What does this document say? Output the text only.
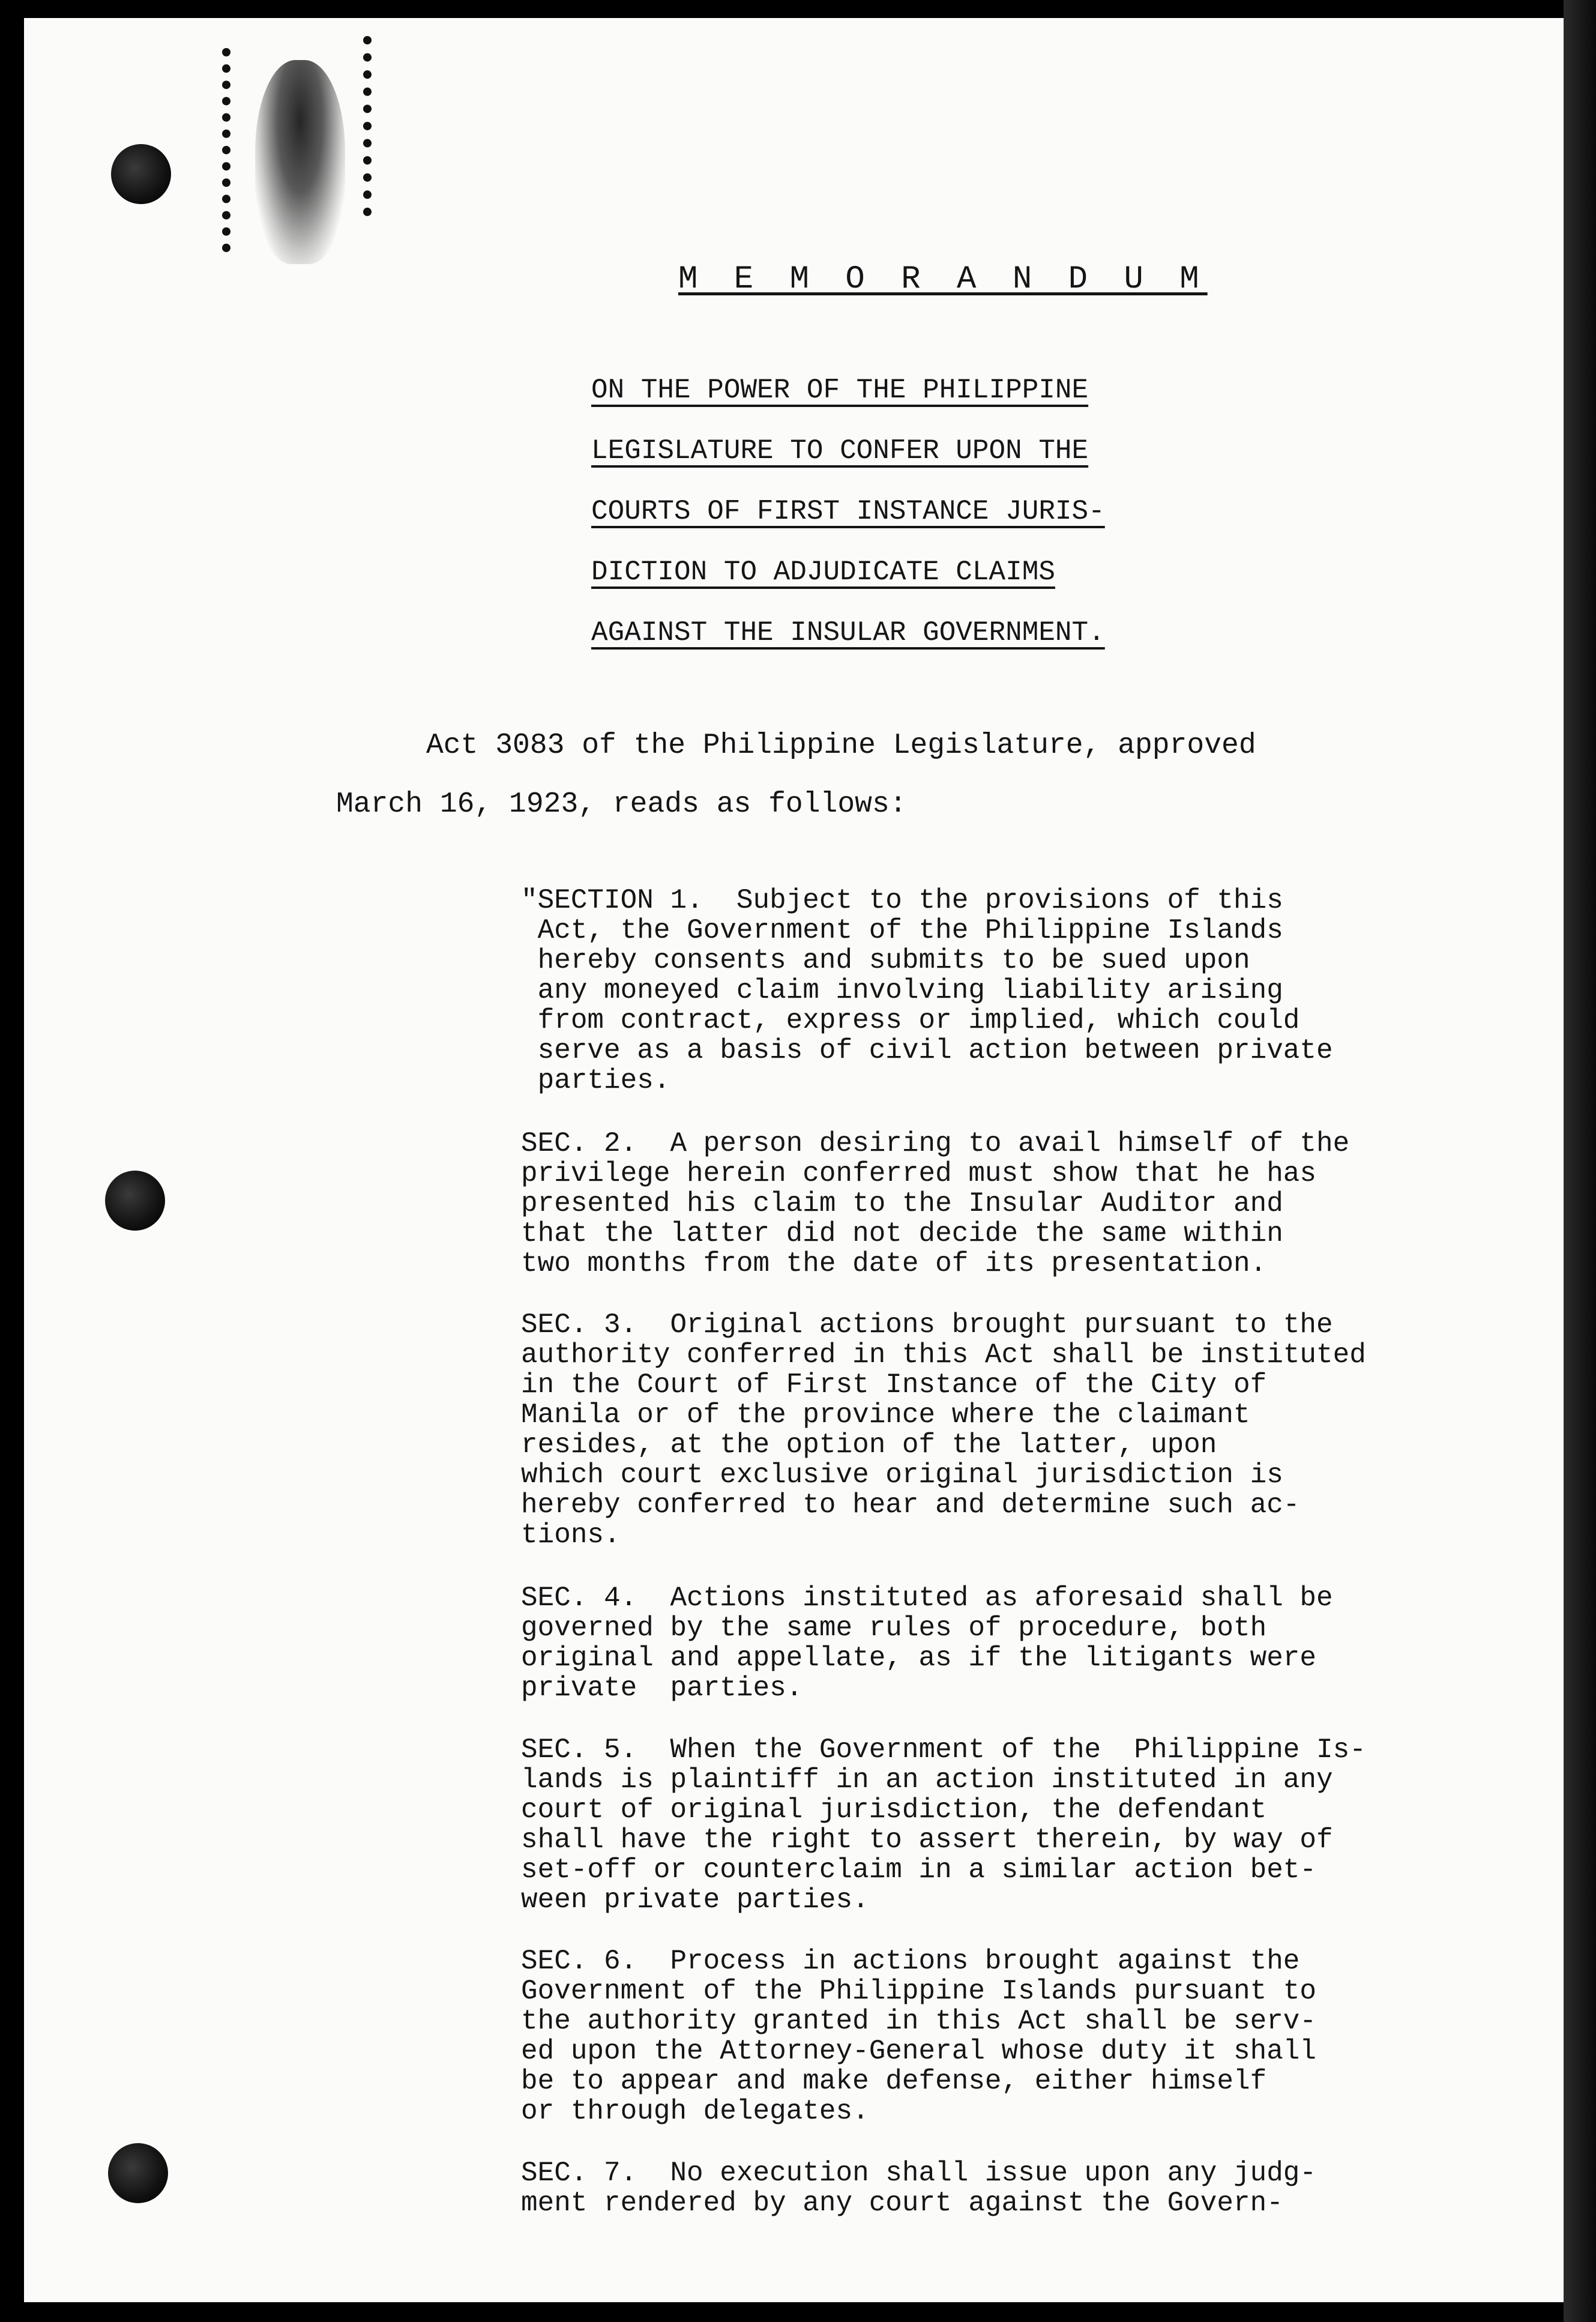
M E M O R A N D U M
ON THE POWER OF THE PHILIPPINE
LEGISLATURE TO CONFER UPON THE
COURTS OF FIRST INSTANCE JURIS-
DICTION TO ADJUDICATE CLAIMS
AGAINST THE INSULAR GOVERNMENT.
Act 3083 of the Philippine Legislature, approved
March 16, 1923, reads as follows:
"SECTION 1.  Subject to the provisions of this
Act, the Government of the Philippine Islands
hereby consents and submits to be sued upon
any moneyed claim involving liability arising
from contract, express or implied, which could
serve as a basis of civil action between private
parties.
SEC. 2.  A person desiring to avail himself of the
privilege herein conferred must show that he has
presented his claim to the Insular Auditor and
that the latter did not decide the same within
two months from the date of its presentation.
SEC. 3.  Original actions brought pursuant to the
authority conferred in this Act shall be instituted
in the Court of First Instance of the City of
Manila or of the province where the claimant
resides, at the option of the latter, upon
which court exclusive original jurisdiction is
hereby conferred to hear and determine such ac-
tions.
SEC. 4.  Actions instituted as aforesaid shall be
governed by the same rules of procedure, both
original and appellate, as if the litigants were
private  parties.
SEC. 5.  When the Government of the  Philippine Is-
lands is plaintiff in an action instituted in any
court of original jurisdiction, the defendant
shall have the right to assert therein, by way of
set-off or counterclaim in a similar action bet-
ween private parties.
SEC. 6.  Process in actions brought against the
Government of the Philippine Islands pursuant to
the authority granted in this Act shall be serv-
ed upon the Attorney-General whose duty it shall
be to appear and make defense, either himself
or through delegates.
SEC. 7.  No execution shall issue upon any judg-
ment rendered by any court against the Govern-
